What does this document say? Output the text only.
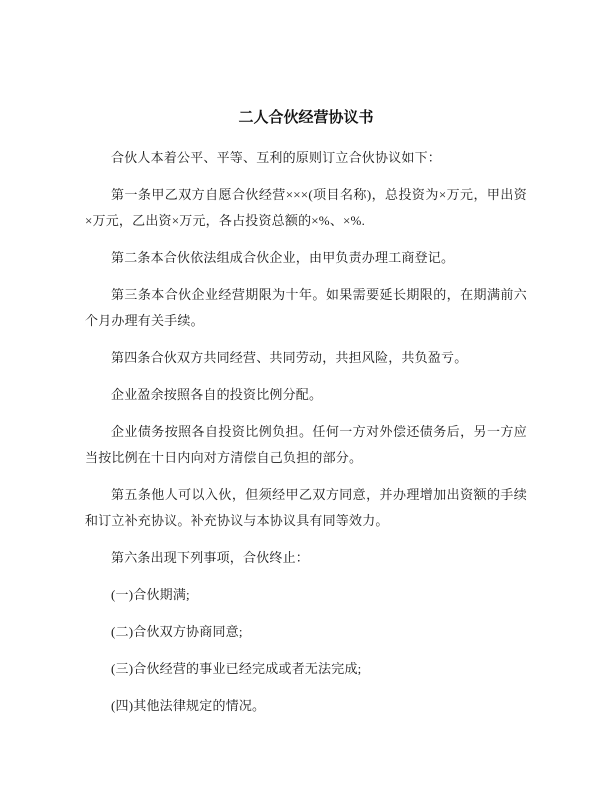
二人合伙经营协议书

合伙人本着公平、平等、互利的原则订立合伙协议如下：

第一条甲乙双方自愿合伙经营×××(项目名称)，总投资为×万元，甲出资×万元，乙出资×万元，各占投资总额的×%、×%.

第二条本合伙依法组成合伙企业，由甲负责办理工商登记。

第三条本合伙企业经营期限为十年。如果需要延长期限的，在期满前六个月办理有关手续。

第四条合伙双方共同经营、共同劳动，共担风险，共负盈亏。

企业盈余按照各自的投资比例分配。

企业债务按照各自投资比例负担。任何一方对外偿还债务后，另一方应当按比例在十日内向对方清偿自己负担的部分。

第五条他人可以入伙，但须经甲乙双方同意，并办理增加出资额的手续和订立补充协议。补充协议与本协议具有同等效力。

第六条出现下列事项，合伙终止：

(一)合伙期满;

(二)合伙双方协商同意;

(三)合伙经营的事业已经完成或者无法完成;

(四)其他法律规定的情况。
